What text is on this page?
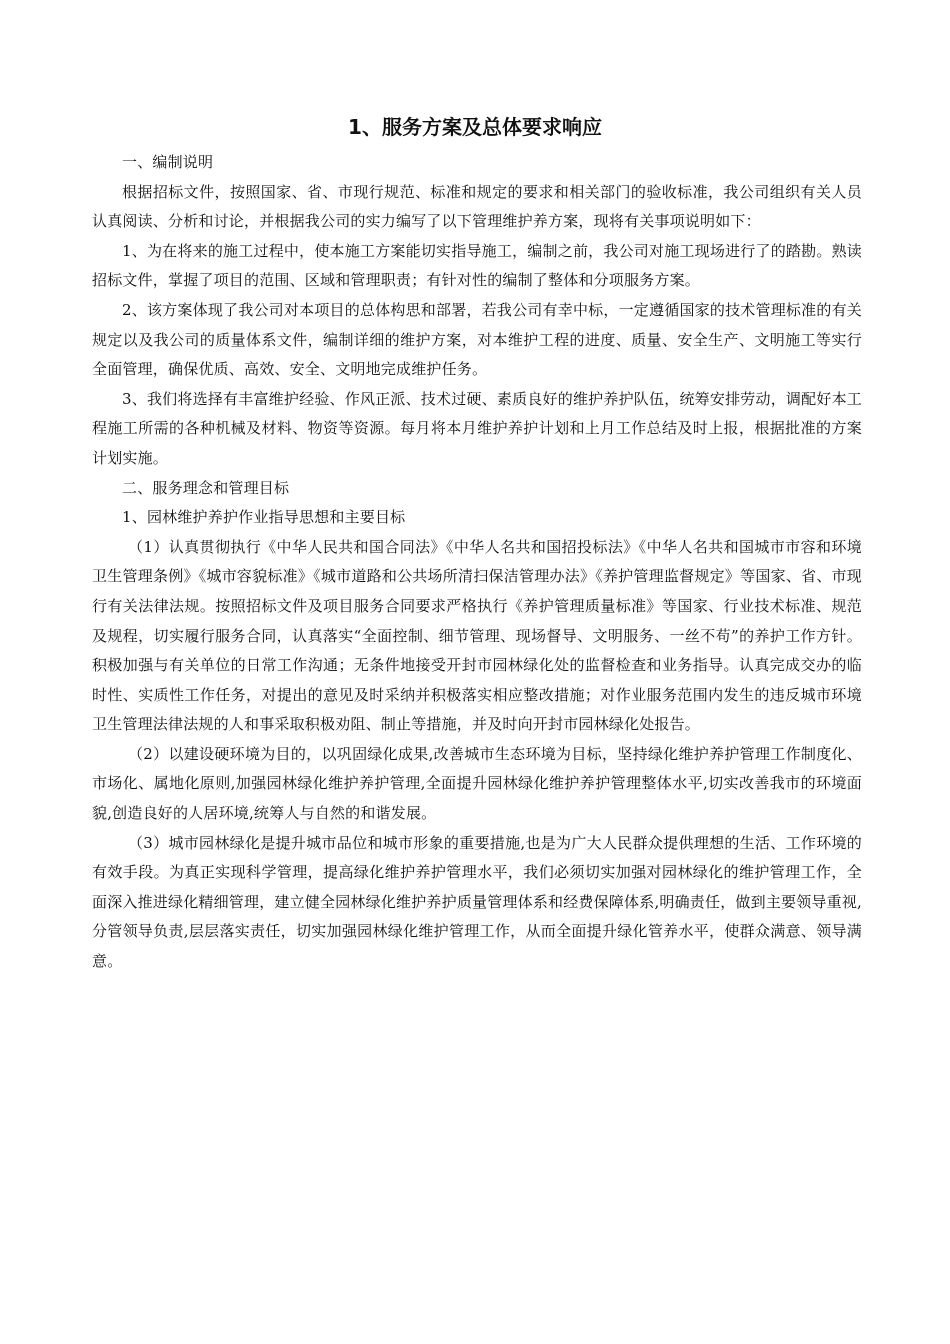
1、服务方案及总体要求响应

一、编制说明

根据招标文件，按照国家、省、市现行规范、标准和规定的要求和相关部门的验收标准，我公司组织有关人员认真阅读、分析和讨论，并根据我公司的实力编写了以下管理维护养方案，现将有关事项说明如下：

1、为在将来的施工过程中，使本施工方案能切实指导施工，编制之前，我公司对施工现场进行了的踏勘。熟读招标文件，掌握了项目的范围、区域和管理职责；有针对性的编制了整体和分项服务方案。

2、该方案体现了我公司对本项目的总体构思和部署，若我公司有幸中标，一定遵循国家的技术管理标准的有关规定以及我公司的质量体系文件，编制详细的维护方案，对本维护工程的进度、质量、安全生产、文明施工等实行全面管理，确保优质、高效、安全、文明地完成维护任务。

3、我们将选择有丰富维护经验、作风正派、技术过硬、素质良好的维护养护队伍，统筹安排劳动，调配好本工程施工所需的各种机械及材料、物资等资源。每月将本月维护养护计划和上月工作总结及时上报，根据批准的方案计划实施。

二、服务理念和管理目标

1、园林维护养护作业指导思想和主要目标

（1）认真贯彻执行《中华人民共和国合同法》《中华人名共和国招投标法》《中华人名共和国城市市容和环境卫生管理条例》《城市容貌标准》《城市道路和公共场所清扫保洁管理办法》《养护管理监督规定》等国家、省、市现行有关法律法规。按照招标文件及项目服务合同要求严格执行《养护管理质量标准》等国家、行业技术标准、规范及规程，切实履行服务合同，认真落实“全面控制、细节管理、现场督导、文明服务、一丝不苟”的养护工作方针。积极加强与有关单位的日常工作沟通；无条件地接受开封市园林绿化处的监督检查和业务指导。认真完成交办的临时性、实质性工作任务，对提出的意见及时采纳并积极落实相应整改措施；对作业服务范围内发生的违反城市环境卫生管理法律法规的人和事采取积极劝阻、制止等措施，并及时向开封市园林绿化处报告。

（2）以建设硬环境为目的，以巩固绿化成果,改善城市生态环境为目标，坚持绿化维护养护管理工作制度化、市场化、属地化原则,加强园林绿化维护养护管理,全面提升园林绿化维护养护管理整体水平,切实改善我市的环境面貌,创造良好的人居环境,统筹人与自然的和谐发展。

（3）城市园林绿化是提升城市品位和城市形象的重要措施,也是为广大人民群众提供理想的生活、工作环境的有效手段。为真正实现科学管理，提高绿化维护养护管理水平，我们必须切实加强对园林绿化的维护管理工作，全面深入推进绿化精细管理，建立健全园林绿化维护养护质量管理体系和经费保障体系,明确责任，做到主要领导重视,分管领导负责,层层落实责任，切实加强园林绿化维护管理工作，从而全面提升绿化管养水平，使群众满意、领导满意。
